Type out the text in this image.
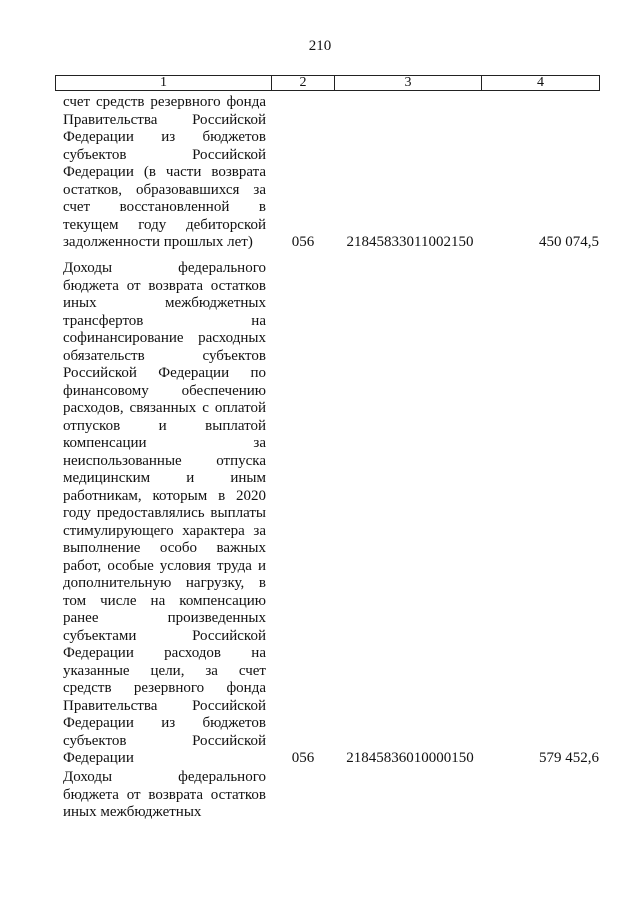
210
1	2	3	4
счет средств резервного фонда
Правительства Российской
Федерации из бюджетов
субъектов Российской
Федерации (в части возврата
остатков, образовавшихся за
счет восстановленной в
текущем году дебиторской
задолженности прошлых лет)	056 21845833011002150	450 074,5
Доходы федерального
бюджета от возврата остатков
иных межбюджетных
трансфертов на
софинансирование расходных
обязательств субъектов
Российской Федерации по
финансовому обеспечению
расходов, связанных с оплатой
отпусков и выплатой
компенсации за
неиспользованные отпуска
медицинским и иным
работникам, которым в 2020
году предоставлялись выплаты
стимулирующего характера за
выполнение особо важных
работ, особые условия труда и
дополнительную нагрузку, в
том числе на компенсацию
ранее произведенных
субъектами Российской
Федерации расходов на
указанные цели, за счет
средств резервного фонда
Правительства Российской
Федерации из бюджетов
субъектов Российской
Федерации	056 21845836010000150	579 452,6
Доходы федерального
бюджета от возврата остатков
иных межбюджетных
